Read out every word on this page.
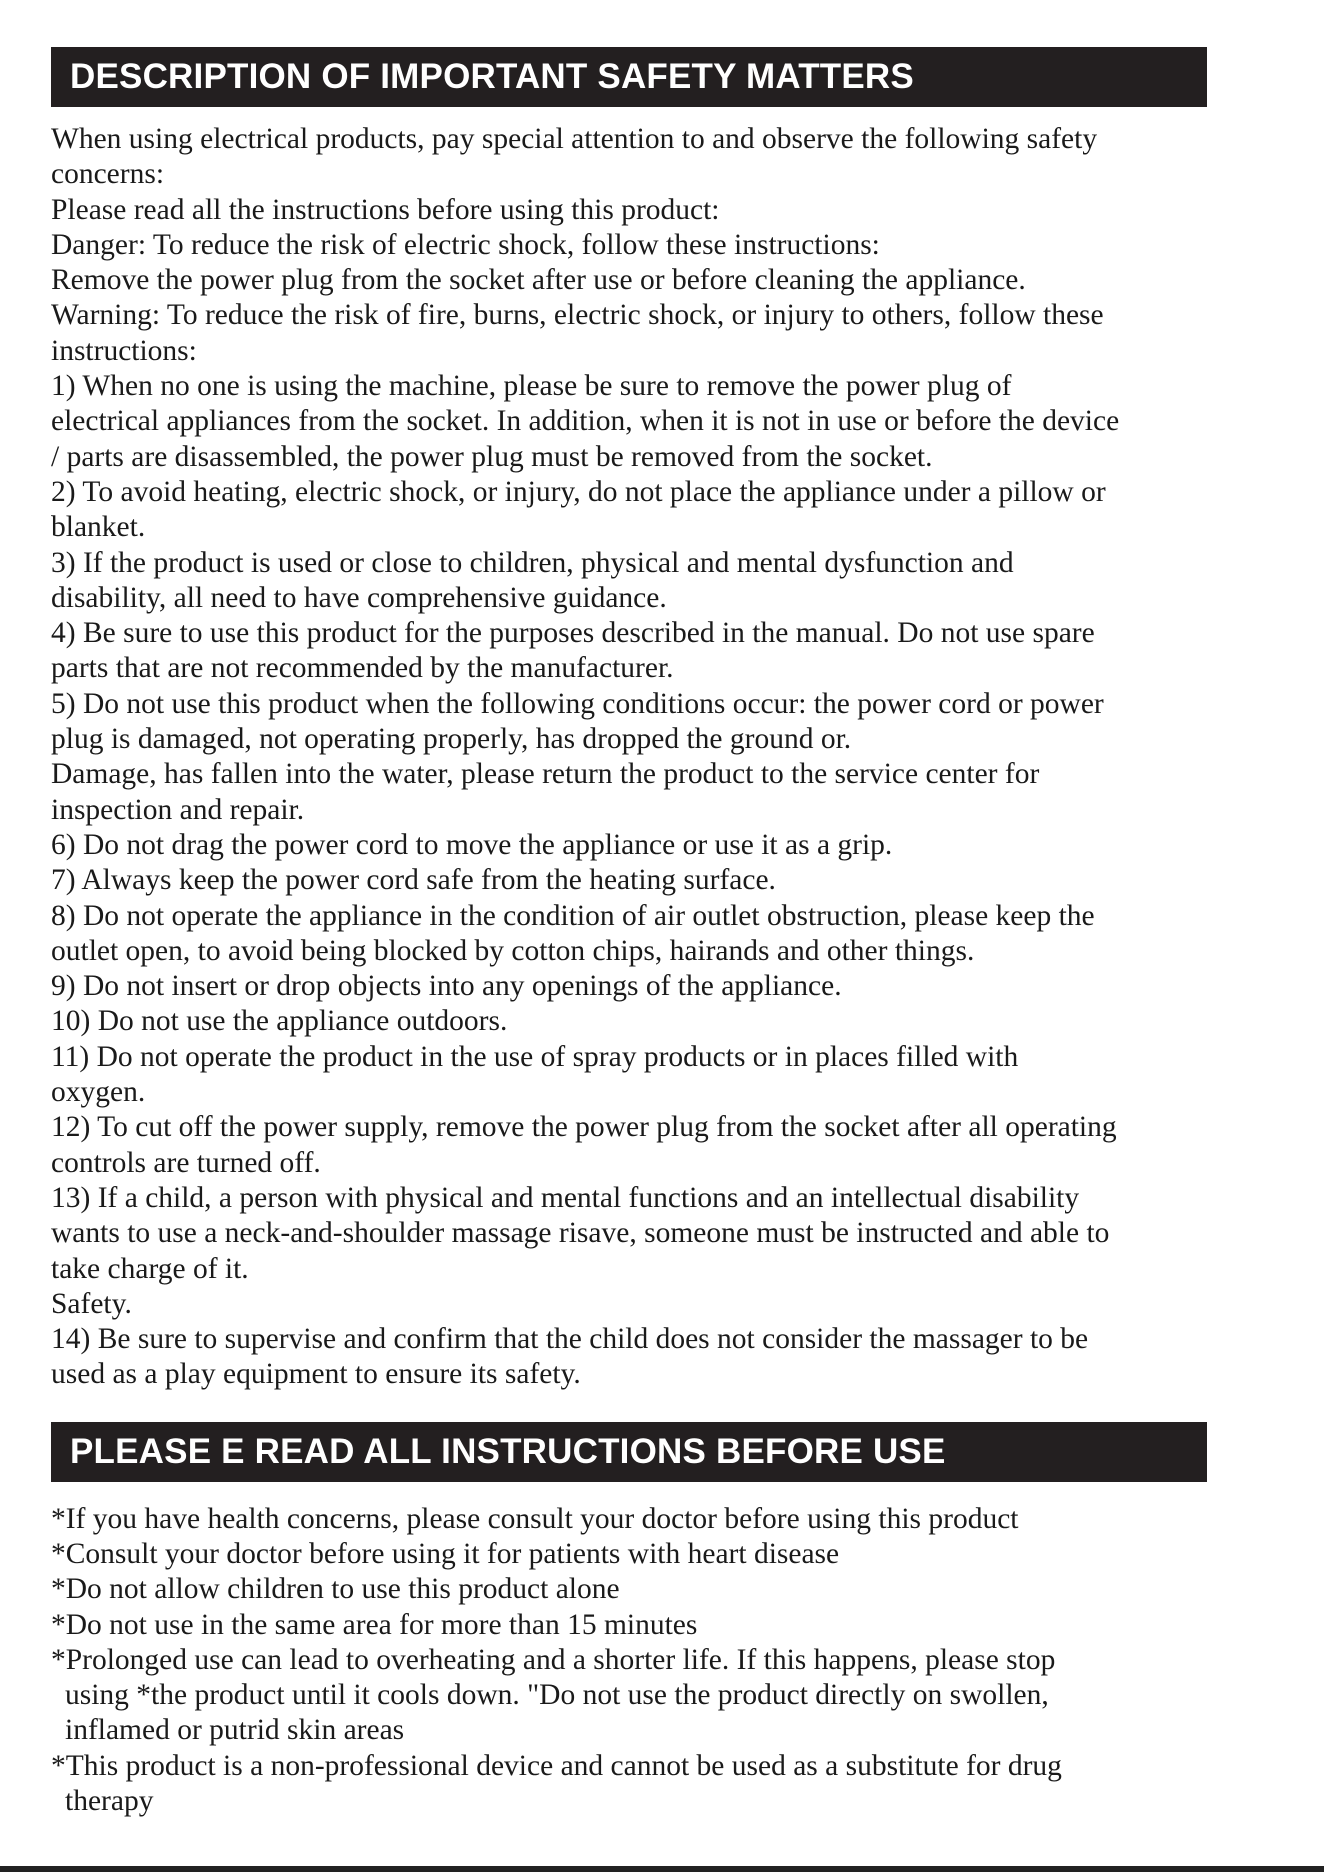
DESCRIPTION OF IMPORTANT SAFETY MATTERS
When using electrical products, pay special attention to and observe the following safety
concerns:
Please read all the instructions before using this product:
Danger: To reduce the risk of electric shock, follow these instructions:
Remove the power plug from the socket after use or before cleaning the appliance.
Warning: To reduce the risk of fire, burns, electric shock, or injury to others, follow these
instructions:
1) When no one is using the machine, please be sure to remove the power plug of
electrical appliances from the socket. In addition, when it is not in use or before the device
/ parts are disassembled, the power plug must be removed from the socket.
2) To avoid heating, electric shock, or injury, do not place the appliance under a pillow or
blanket.
3) If the product is used or close to children, physical and mental dysfunction and
disability, all need to have comprehensive guidance.
4) Be sure to use this product for the purposes described in the manual. Do not use spare
parts that are not recommended by the manufacturer.
5) Do not use this product when the following conditions occur: the power cord or power
plug is damaged, not operating properly, has dropped the ground or.
Damage, has fallen into the water, please return the product to the service center for
inspection and repair.
6) Do not drag the power cord to move the appliance or use it as a grip.
7) Always keep the power cord safe from the heating surface.
8) Do not operate the appliance in the condition of air outlet obstruction, please keep the
outlet open, to avoid being blocked by cotton chips, hairands and other things.
9) Do not insert or drop objects into any openings of the appliance.
10) Do not use the appliance outdoors.
11) Do not operate the product in the use of spray products or in places filled with
oxygen.
12) To cut off the power supply, remove the power plug from the socket after all operating
controls are turned off.
13) If a child, a person with physical and mental functions and an intellectual disability
wants to use a neck-and-shoulder massage risave, someone must be instructed and able to
take charge of it.
Safety.
14) Be sure to supervise and confirm that the child does not consider the massager to be
used as a play equipment to ensure its safety.
PLEASE E READ ALL INSTRUCTIONS BEFORE USE
*If you have health concerns, please consult your doctor before using this product
*Consult your doctor before using it for patients with heart disease
*Do not allow children to use this product alone
*Do not use in the same area for more than 15 minutes
*Prolonged use can lead to overheating and a shorter life. If this happens, please stop
using *the product until it cools down. "Do not use the product directly on swollen,
inflamed or putrid skin areas
*This product is a non-professional device and cannot be used as a substitute for drug
therapy
